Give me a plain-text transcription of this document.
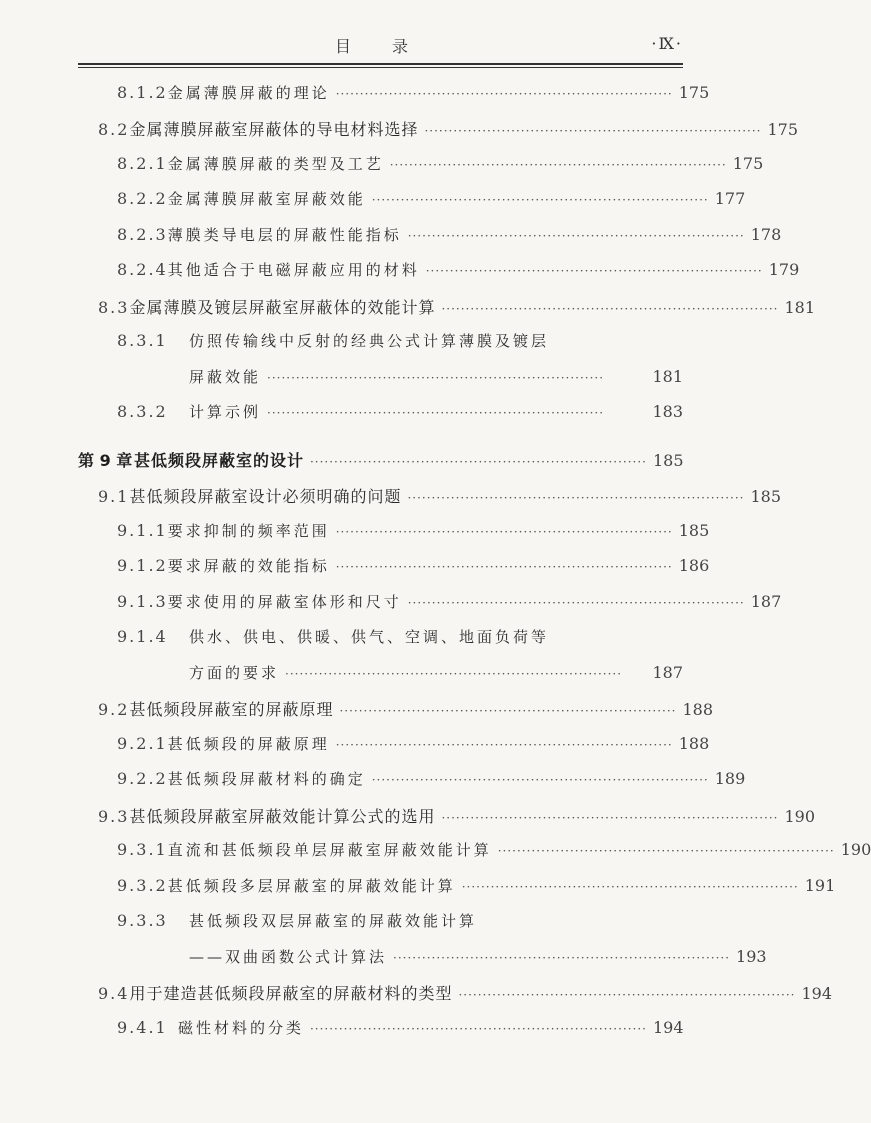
目 录	·Ⅸ·
8.1.2 金属薄膜屏蔽的理论 ······································································ 175
8.2 金属薄膜屏蔽室屏蔽体的导电材料选择 ······································································ 175
8.2.1 金属薄膜屏蔽的类型及工艺 ······································································ 175
8.2.2 金属薄膜屏蔽室屏蔽效能 ······································································ 177
8.2.3 薄膜类导电层的屏蔽性能指标 ······································································ 178
8.2.4 其他适合于电磁屏蔽应用的材料 ······································································ 179
8.3 金属薄膜及镀层屏蔽室屏蔽体的效能计算 ······································································ 181
8.3.1	仿照传输线中反射的经典公式计算薄膜及镀层
屏蔽效能 ······································································	181
8.3.2	计算示例 ······································································	183
第 9 章 甚低频段屏蔽室的设计 ······································································ 185
9.1 甚低频段屏蔽室设计必须明确的问题 ······································································ 185
9.1.1 要求抑制的频率范围 ······································································ 185
9.1.2 要求屏蔽的效能指标 ······································································ 186
9.1.3 要求使用的屏蔽室体形和尺寸 ······································································ 187
9.1.4	供水、供电、供暖、供气、空调、地面负荷等
方面的要求 ······································································	187
9.2 甚低频段屏蔽室的屏蔽原理 ······································································ 188
9.2.1 甚低频段的屏蔽原理 ······································································ 188
9.2.2 甚低频段屏蔽材料的确定 ······································································ 189
9.3 甚低频段屏蔽室屏蔽效能计算公式的选用 ······································································ 190
9.3.1 直流和甚低频段单层屏蔽室屏蔽效能计算 ······································································ 190
9.3.2 甚低频段多层屏蔽室的屏蔽效能计算 ······································································ 191
9.3.3	甚低频段双层屏蔽室的屏蔽效能计算
——双曲函数公式计算法 ······································································ 193
9.4 用于建造甚低频段屏蔽室的屏蔽材料的类型 ······································································ 194
9.4.1 磁性材料的分类 ······································································ 194
